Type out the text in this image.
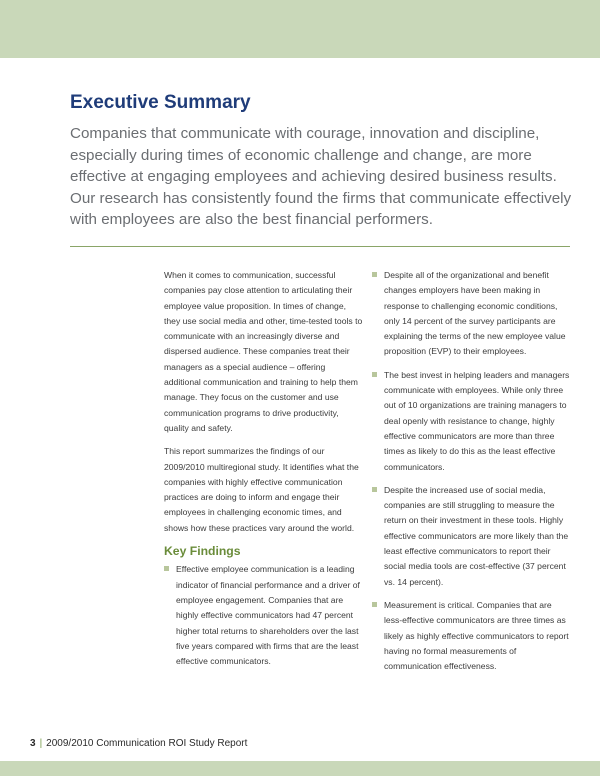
Executive Summary

Companies that communicate with courage, innovation and discipline, especially during times of economic challenge and change, are more effective at engaging employees and achieving desired business results. Our research has consistently found the firms that communicate effectively with employees are also the best financial performers.

When it comes to communication, successful companies pay close attention to articulating their employee value proposition. In times of change, they use social media and other, time-tested tools to communicate with an increasingly diverse and dispersed audience. These companies treat their managers as a special audience – offering additional communication and training to help them manage. They focus on the customer and use communication programs to drive productivity, quality and safety.

This report summarizes the findings of our 2009/2010 multiregional study. It identifies what the companies with highly effective communication practices are doing to inform and engage their employees in challenging economic times, and shows how these practices vary around the world.

Key Findings
Effective employee communication is a leading indicator of financial performance and a driver of employee engagement. Companies that are highly effective communicators had 47 percent higher total returns to shareholders over the last five years compared with firms that are the least effective communicators.
Despite all of the organizational and benefit changes employers have been making in response to challenging economic conditions, only 14 percent of the survey participants are explaining the terms of the new employee value proposition (EVP) to their employees.
The best invest in helping leaders and managers communicate with employees. While only three out of 10 organizations are training managers to deal openly with resistance to change, highly effective communicators are more than three times as likely to do this as the least effective communicators.
Despite the increased use of social media, companies are still struggling to measure the return on their investment in these tools. Highly effective communicators are more likely than the least effective communicators to report their social media tools are cost-effective (37 percent vs. 14 percent).
Measurement is critical. Companies that are less-effective communicators are three times as likely as highly effective communicators to report having no formal measurements of communication effectiveness.
3 | 2009/2010 Communication ROI Study Report
